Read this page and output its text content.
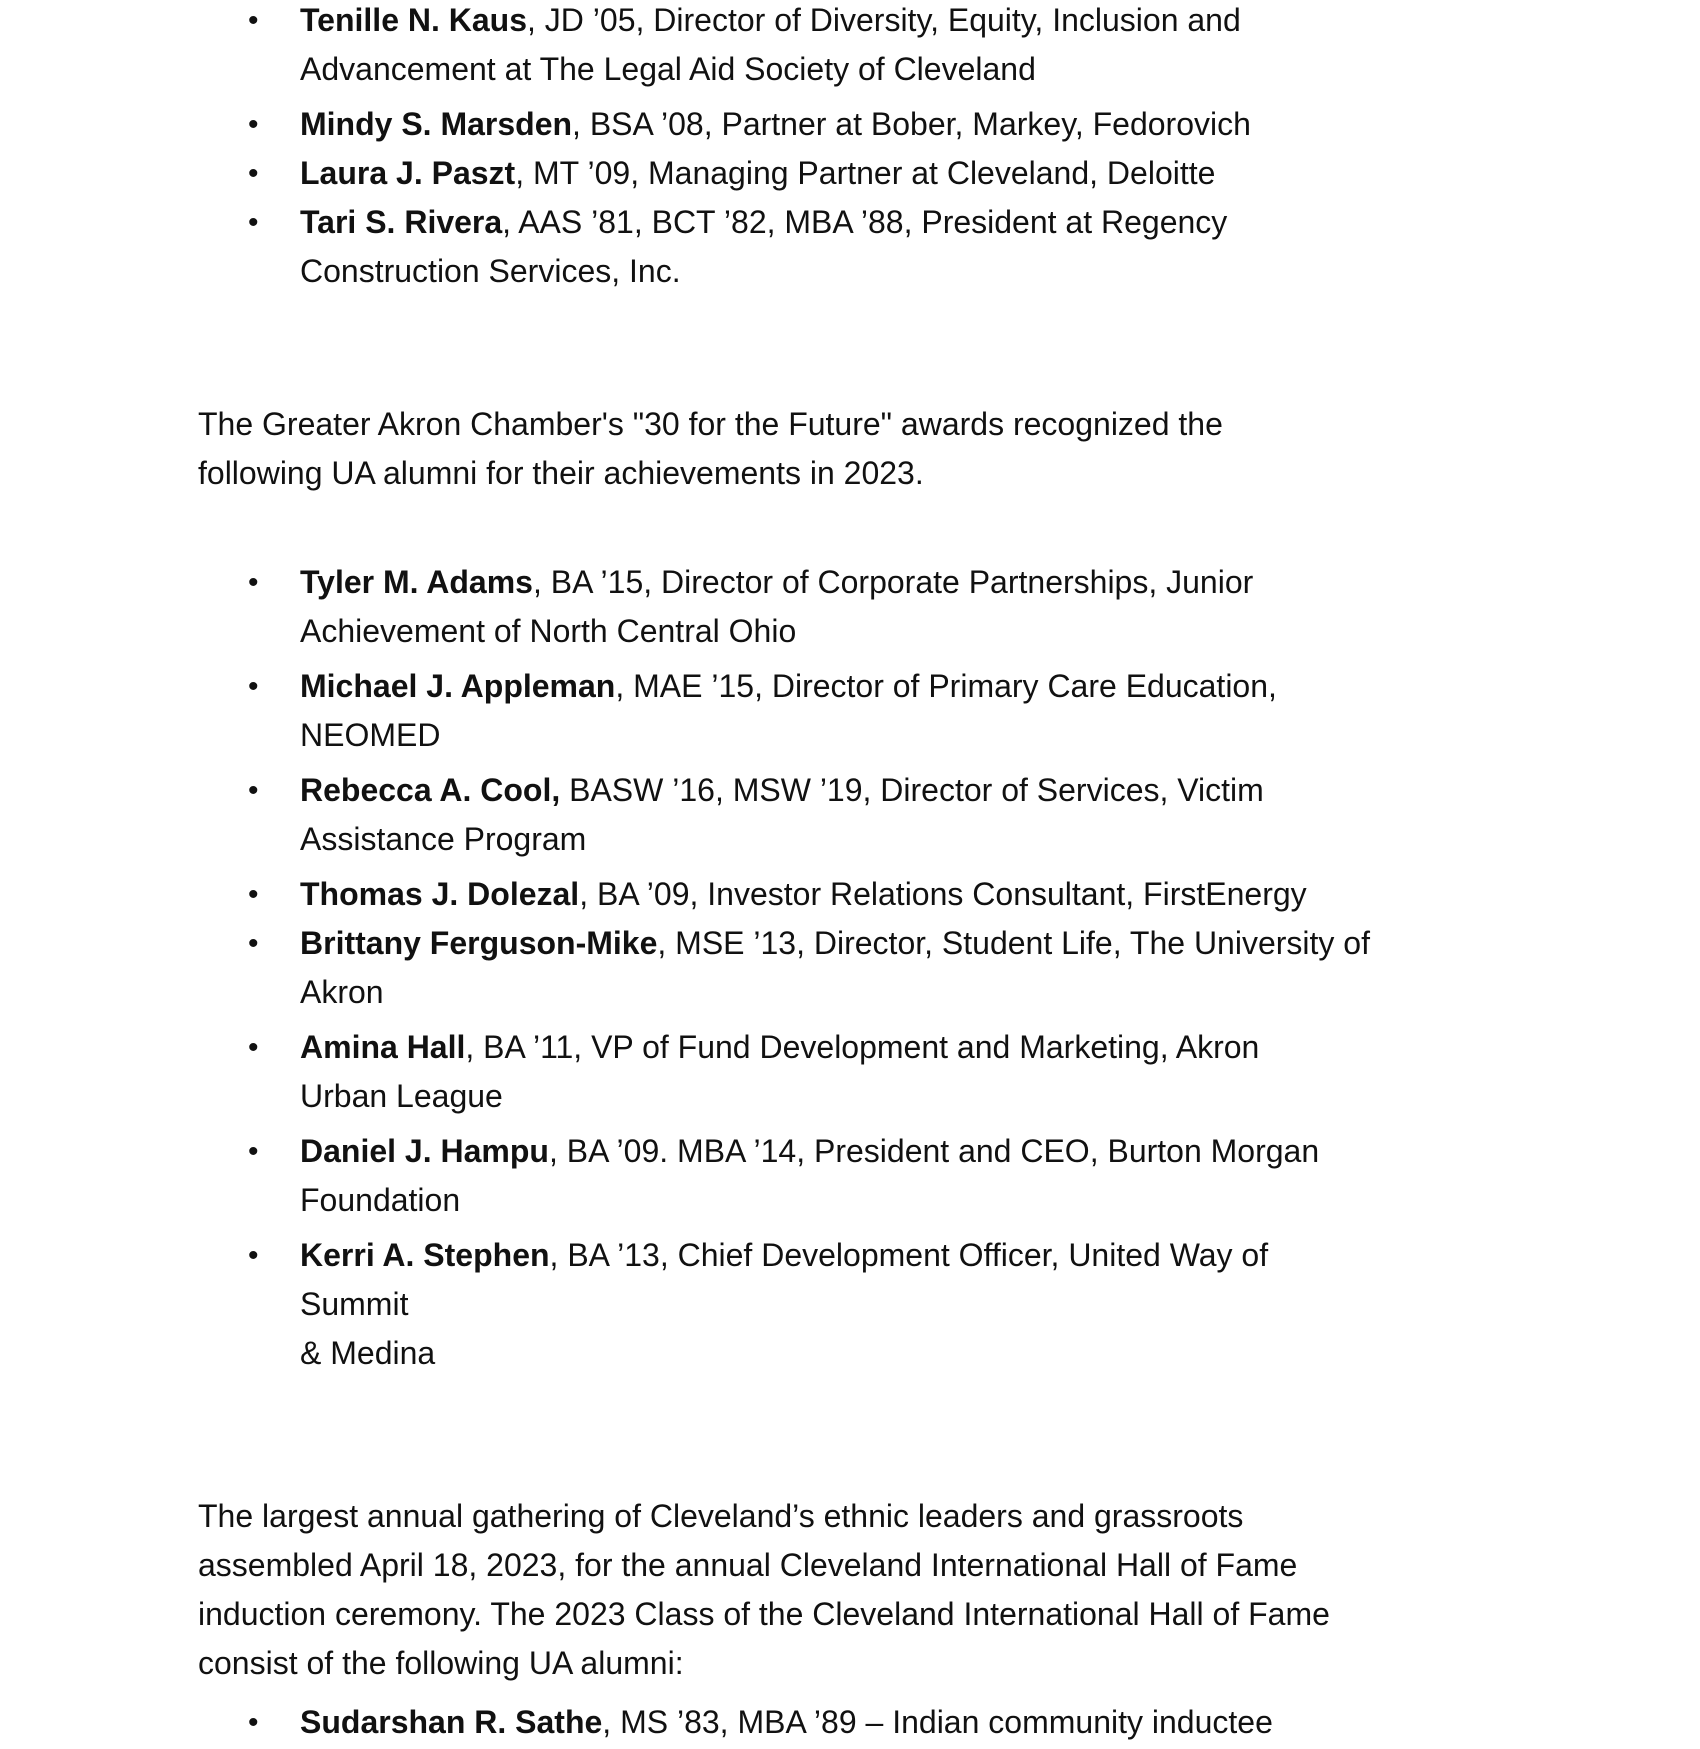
• Tenille N. Kaus, JD ’05, Director of Diversity, Equity, Inclusion and
Advancement at The Legal Aid Society of Cleveland
• Mindy S. Marsden, BSA ’08, Partner at Bober, Markey, Fedorovich
• Laura J. Paszt, MT ’09, Managing Partner at Cleveland, Deloitte
• Tari S. Rivera, AAS ’81, BCT ’82, MBA ’88, President at Regency
Construction Services, Inc.

The Greater Akron Chamber's "30 for the Future" awards recognized the
following UA alumni for their achievements in 2023.

• Tyler M. Adams, BA ’15, Director of Corporate Partnerships, Junior
Achievement of North Central Ohio
• Michael J. Appleman, MAE ’15, Director of Primary Care Education,
NEOMED
• Rebecca A. Cool, BASW ’16, MSW ’19, Director of Services, Victim
Assistance Program
• Thomas J. Dolezal, BA ’09, Investor Relations Consultant, FirstEnergy
• Brittany Ferguson-Mike, MSE ’13, Director, Student Life, The University of
Akron
• Amina Hall, BA ’11, VP of Fund Development and Marketing, Akron
Urban League
• Daniel J. Hampu, BA ’09. MBA ’14, President and CEO, Burton Morgan
Foundation
• Kerri A. Stephen, BA ’13, Chief Development Officer, United Way of
Summit
& Medina

The largest annual gathering of Cleveland’s ethnic leaders and grassroots
assembled April 18, 2023, for the annual Cleveland International Hall of Fame
induction ceremony. The 2023 Class of the Cleveland International Hall of Fame
consist of the following UA alumni:

• Sudarshan R. Sathe, MS ’83, MBA ’89 – Indian community inductee
